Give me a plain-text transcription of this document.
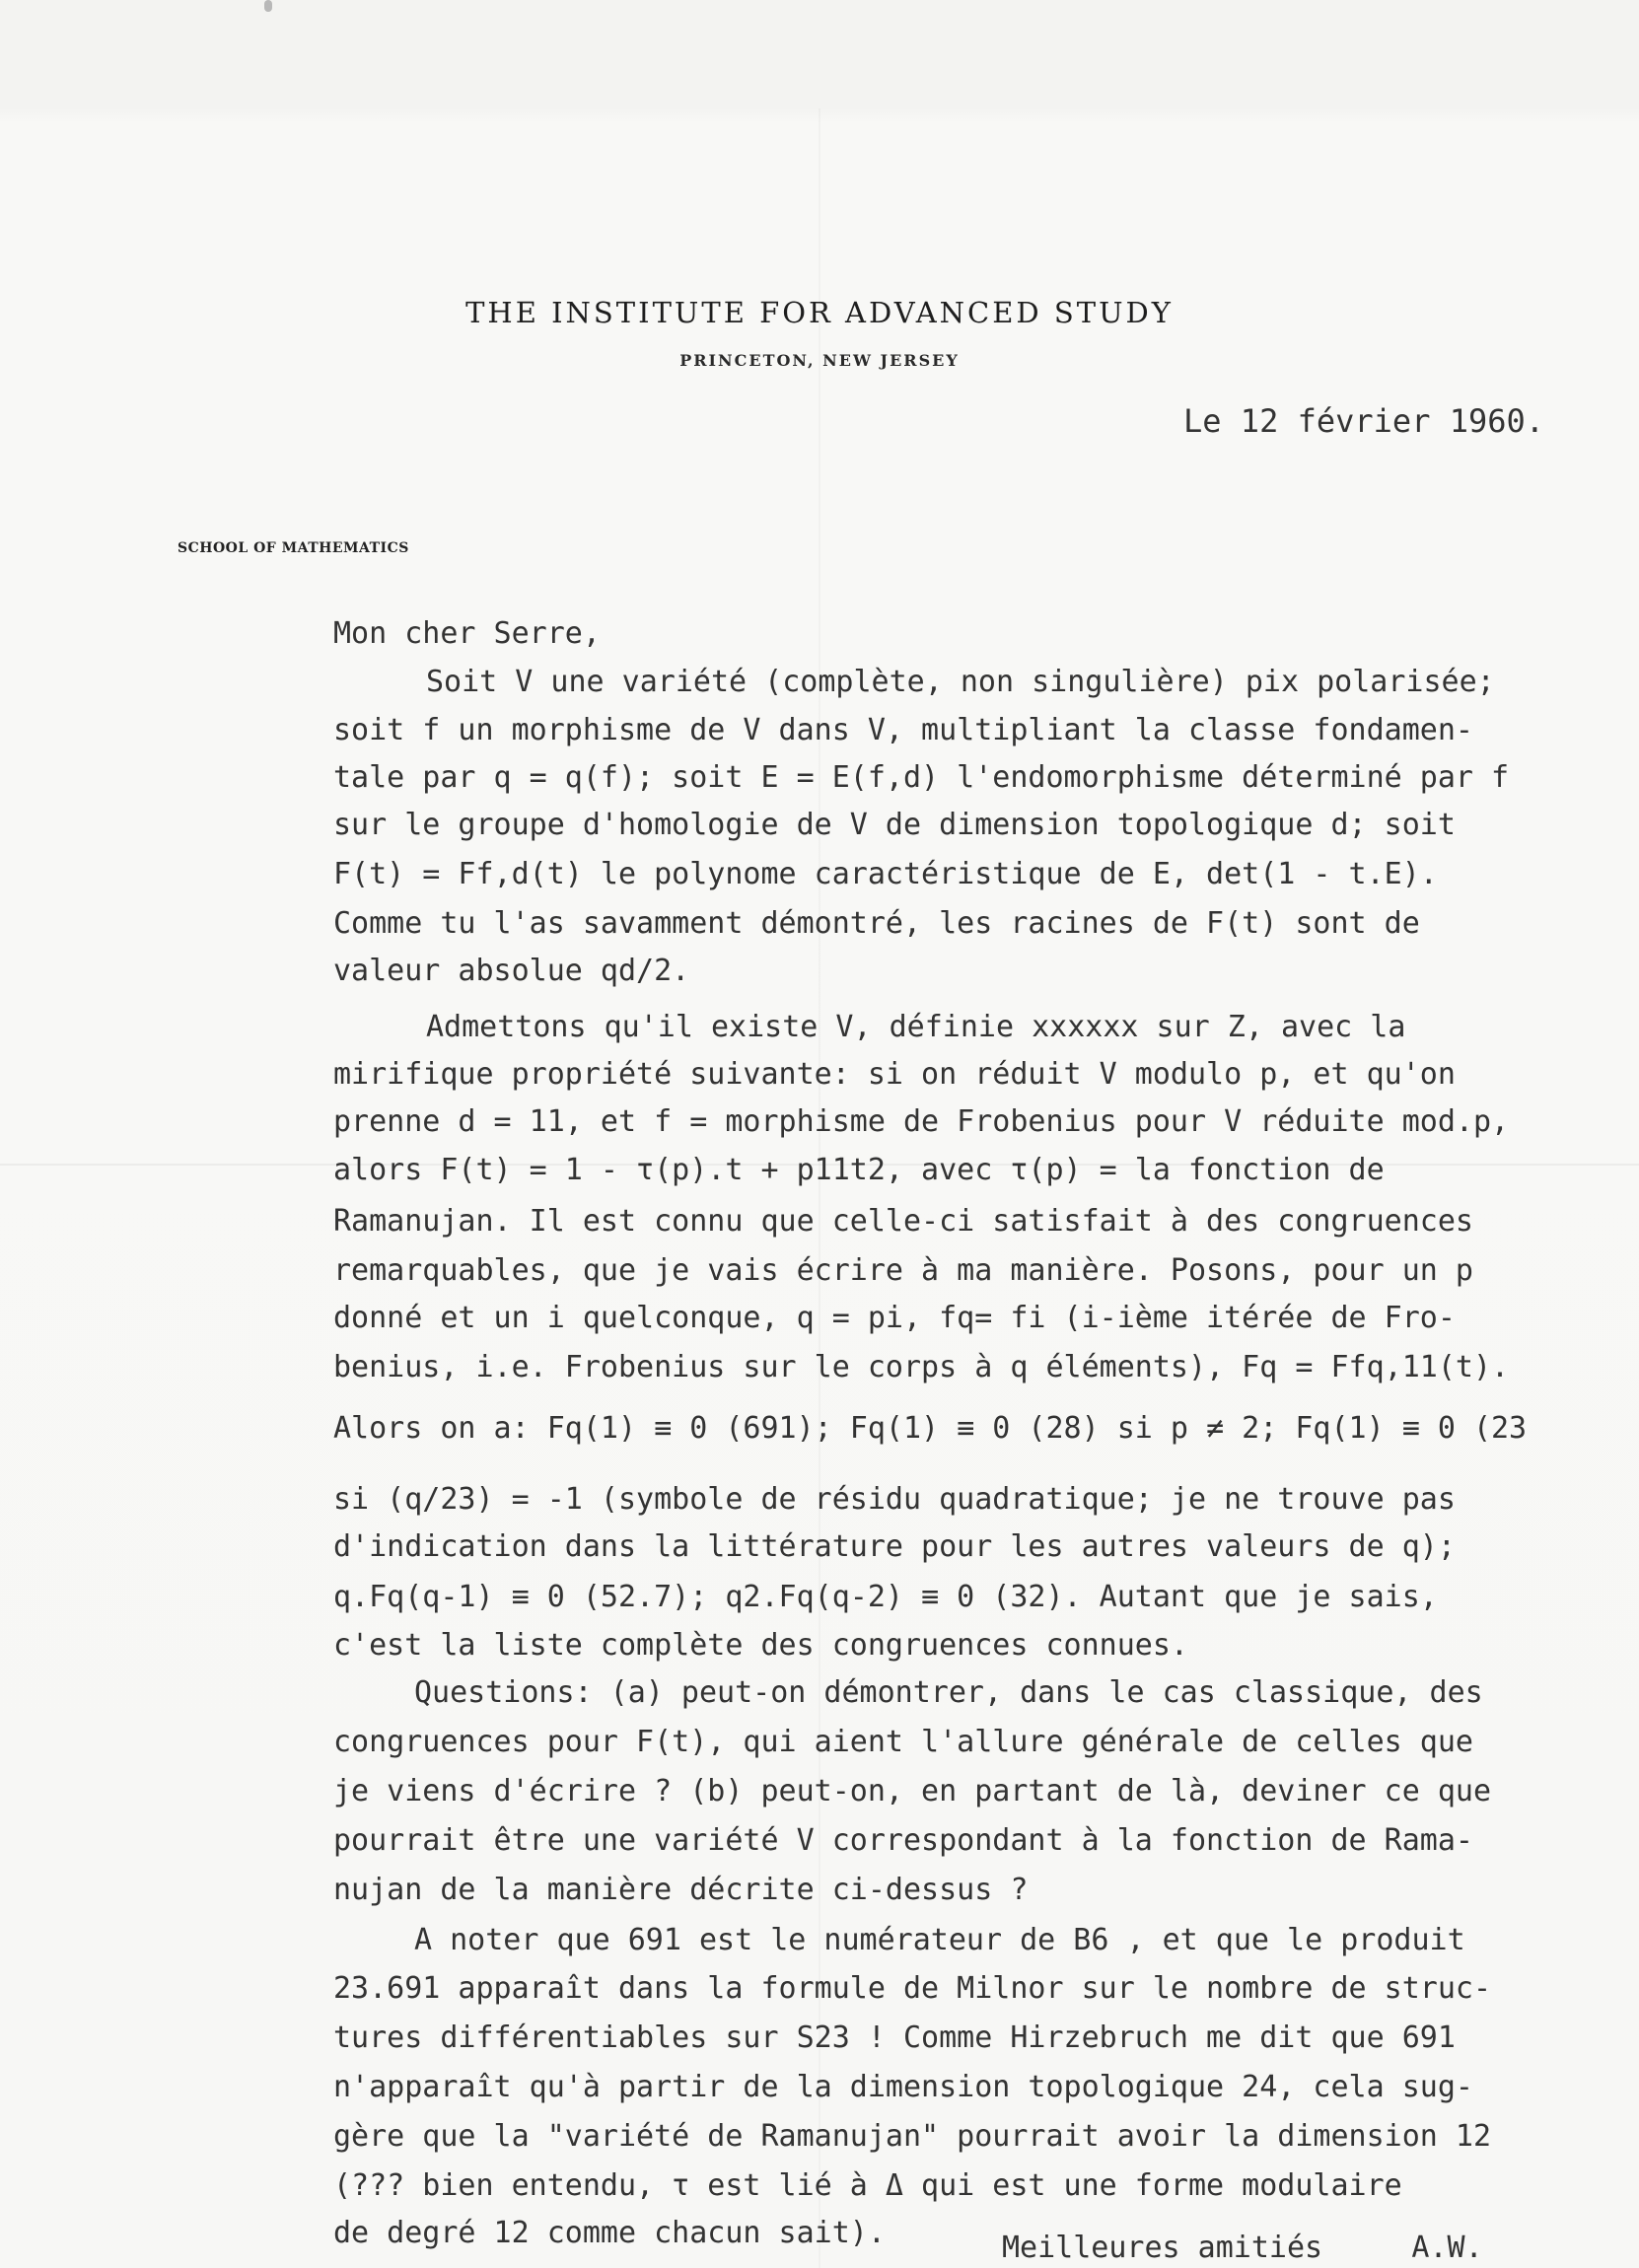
THE INSTITUTE FOR ADVANCED STUDY
PRINCETON, NEW JERSEY
Le 12 février 1960.
SCHOOL OF MATHEMATICS
Mon cher Serre,
Soit V une variété (complète, non singulière) pix polarisée;
soit f un morphisme de V dans V, multipliant la classe fondamen-
tale par q = q(f); soit E = E(f,d) l'endomorphisme déterminé par f
sur le groupe d'homologie de V de dimension topologique d; soit
F(t) = Ff,d(t) le polynome caractéristique de E, det(1 - t.E).
Comme tu l'as savamment démontré, les racines de F(t) sont de
valeur absolue qd/2.
Admettons qu'il existe V, définie xxxxxx sur Z, avec la
mirifique propriété suivante: si on réduit V modulo p, et qu'on
prenne d = 11, et f = morphisme de Frobenius pour V réduite mod.p,
alors F(t) = 1 - τ(p).t + p11t2, avec τ(p) = la fonction de
Ramanujan. Il est connu que celle-ci satisfait à des congruences
remarquables, que je vais écrire à ma manière. Posons, pour un p
donné et un i quelconque, q = pi, fq= fi (i-ième itérée de Fro-
benius, i.e. Frobenius sur le corps à q éléments), Fq = Ffq,11(t).
Alors on a: Fq(1) ≡ 0 (691); Fq(1) ≡ 0 (28) si p ≠ 2; Fq(1) ≡ 0 (23
si (q/23) = -1 (symbole de résidu quadratique; je ne trouve pas
d'indication dans la littérature pour les autres valeurs de q);
q.Fq(q-1) ≡ 0 (52.7); q2.Fq(q-2) ≡ 0 (32). Autant que je sais,
c'est la liste complète des congruences connues.
Questions: (a) peut-on démontrer, dans le cas classique, des
congruences pour F(t), qui aient l'allure générale de celles que
je viens d'écrire ? (b) peut-on, en partant de là, deviner ce que
pourrait être une variété V correspondant à la fonction de Rama-
nujan de la manière décrite ci-dessus ?
A noter que 691 est le numérateur de B6 , et que le produit
23.691 apparaît dans la formule de Milnor sur le nombre de struc-
tures différentiables sur S23 ! Comme Hirzebruch me dit que 691
n'apparaît qu'à partir de la dimension topologique 24, cela sug-
gère que la "variété de Ramanujan" pourrait avoir la dimension 12
(??? bien entendu, τ est lié à Δ qui est une forme modulaire
de degré 12 comme chacun sait).	Meilleures amitiés     A.W.
